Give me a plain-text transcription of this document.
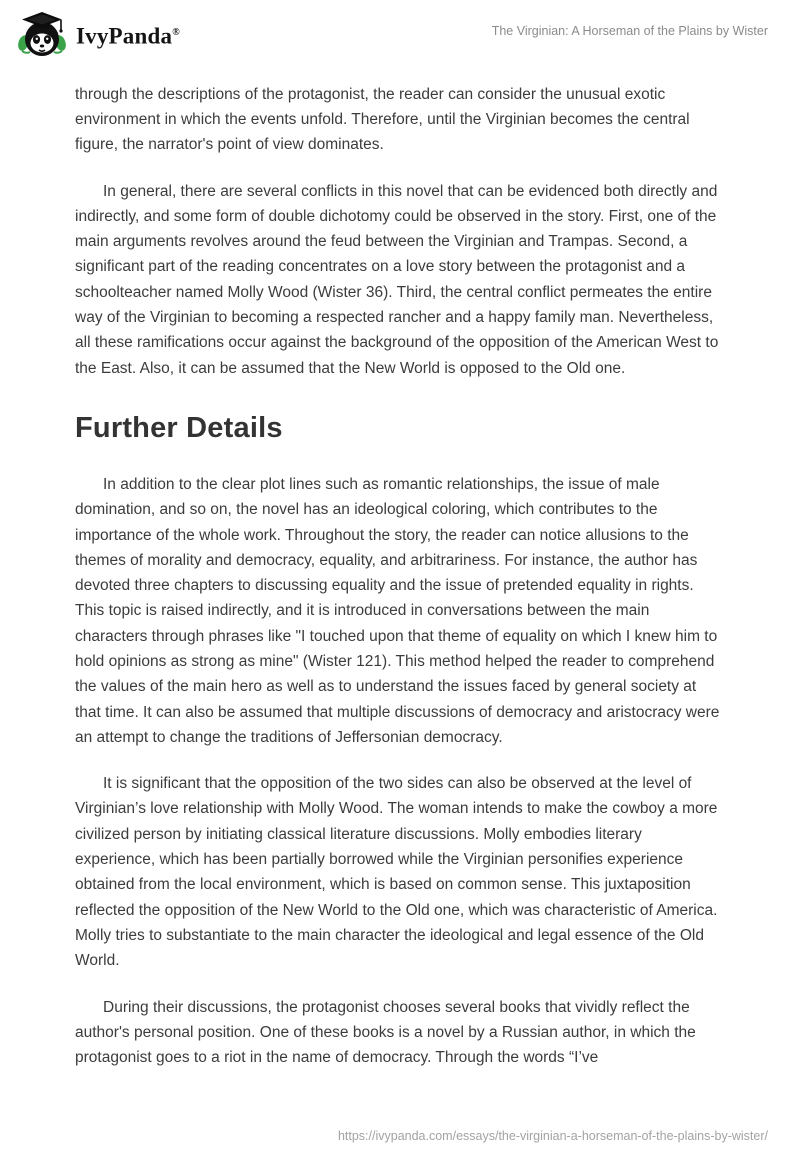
IvyPanda®	The Virginian: A Horseman of the Plains by Wister

through the descriptions of the protagonist, the reader can consider the unusual exotic environment in which the events unfold. Therefore, until the Virginian becomes the central figure, the narrator's point of view dominates.

In general, there are several conflicts in this novel that can be evidenced both directly and indirectly, and some form of double dichotomy could be observed in the story. First, one of the main arguments revolves around the feud between the Virginian and Trampas. Second, a significant part of the reading concentrates on a love story between the protagonist and a schoolteacher named Molly Wood (Wister 36). Third, the central conflict permeates the entire way of the Virginian to becoming a respected rancher and a happy family man. Nevertheless, all these ramifications occur against the background of the opposition of the American West to the East. Also, it can be assumed that the New World is opposed to the Old one.

Further Details

In addition to the clear plot lines such as romantic relationships, the issue of male domination, and so on, the novel has an ideological coloring, which contributes to the importance of the whole work. Throughout the story, the reader can notice allusions to the themes of morality and democracy, equality, and arbitrariness. For instance, the author has devoted three chapters to discussing equality and the issue of pretended equality in rights. This topic is raised indirectly, and it is introduced in conversations between the main characters through phrases like "I touched upon that theme of equality on which I knew him to hold opinions as strong as mine" (Wister 121). This method helped the reader to comprehend the values of the main hero as well as to understand the issues faced by general society at that time. It can also be assumed that multiple discussions of democracy and aristocracy were an attempt to change the traditions of Jeffersonian democracy.

It is significant that the opposition of the two sides can also be observed at the level of Virginian’s love relationship with Molly Wood. The woman intends to make the cowboy a more civilized person by initiating classical literature discussions. Molly embodies literary experience, which has been partially borrowed while the Virginian personifies experience obtained from the local environment, which is based on common sense. This juxtaposition reflected the opposition of the New World to the Old one, which was characteristic of America. Molly tries to substantiate to the main character the ideological and legal essence of the Old World.

During their discussions, the protagonist chooses several books that vividly reflect the author's personal position. One of these books is a novel by a Russian author, in which the protagonist goes to a riot in the name of democracy. Through the words “I’ve

https://ivypanda.com/essays/the-virginian-a-horseman-of-the-plains-by-wister/
